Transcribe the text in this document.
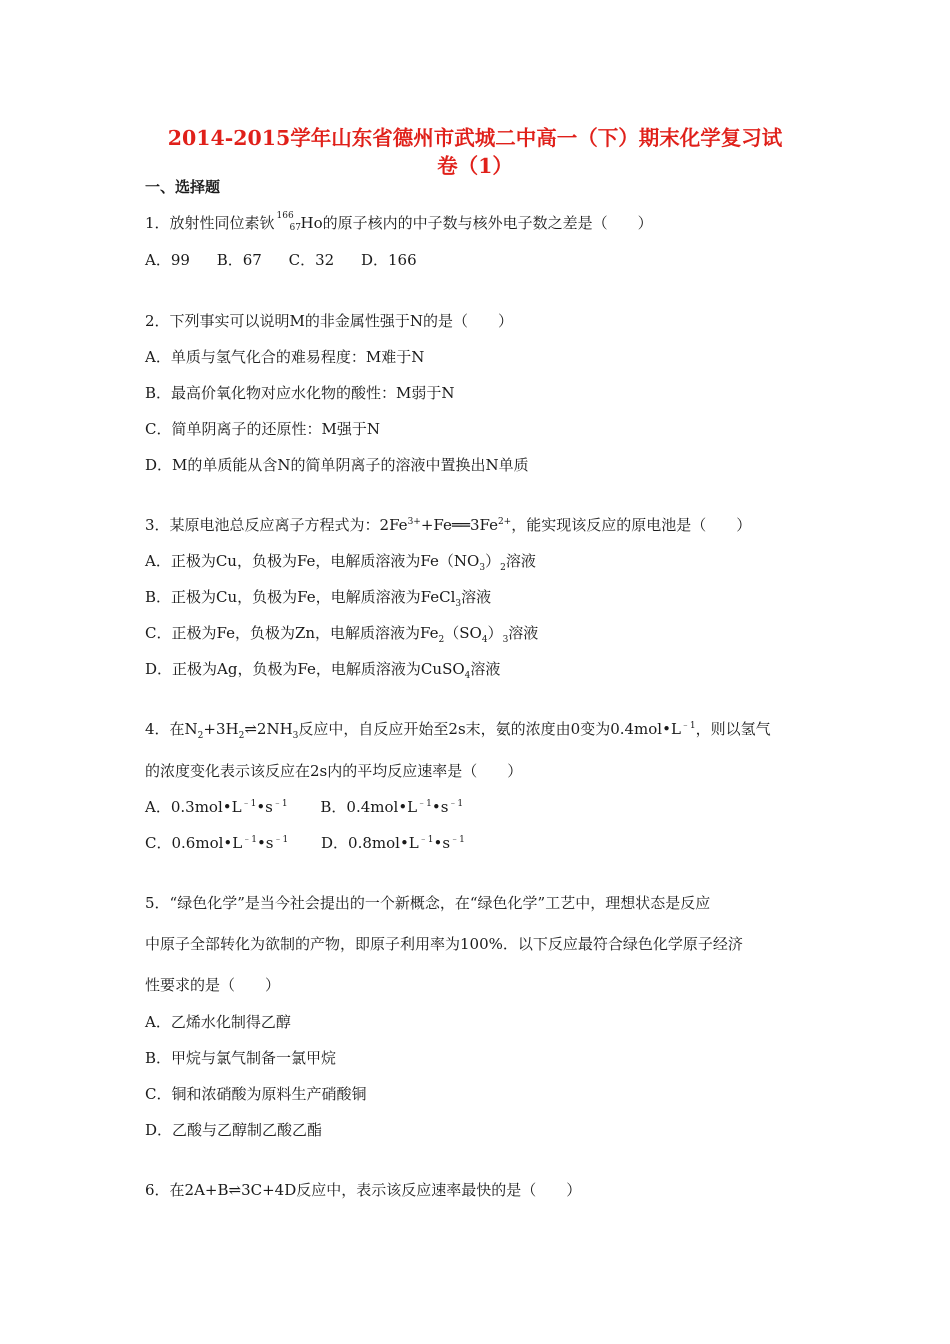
2014-2015学年山东省德州市武城二中高一（下）期末化学复习试
卷（1）
一、选择题
1．放射性同位素钬 166
67 Ho的原子核内的中子数与核外电子数之差是（　　）
A．99 B．67 C．32 D．166
2．下列事实可以说明M的非金属性强于N的是（　　）
A．单质与氢气化合的难易程度：M难于N
B．最高价氧化物对应水化物的酸性：M弱于N
C．简单阴离子的还原性：M强于N
D．M的单质能从含N的简单阴离子的溶液中置换出N单质
3．某原电池总反应离子方程式为：$2Fe^{3+}+Fe══3Fe^{2+}$，能实现该反应的原电池是（　　）
A．正极为Cu，负极为Fe，电解质溶液为$Fe(NO_3)_2$溶液
B．正极为Cu，负极为Fe，电解质溶液为FeCl$_3$溶液
C．正极为Fe，负极为Zn，电解质溶液为$Fe_2(SO_4)_3$溶液
D．正极为Ag，负极为Fe，电解质溶液为CuSO$_4$溶液
4．在$N_2+3H_2\rightleftharpoons 2NH_3$反应中，自反应开始至2s末，氨的浓度由0变为$0.4mol•L^{﹣1}$，则以氢气
的浓度变化表示该反应在2s内的平均反应速率是（　　）
A．$0.3mol•L^{﹣1}•s^{﹣1}$ B．$0.4mol•L^{﹣1}•s^{﹣1}$
C．$0.6mol•L^{﹣1}•s^{﹣1}$ D．$0.8mol•L^{﹣1}•s^{﹣1}$
5．“绿色化学”是当今社会提出的一个新概念，在“绿色化学”工艺中，理想状态是反应
中原子全部转化为欲制的产物，即原子利用率为100%．以下反应最符合绿色化学原子经济
性要求的是（　　）
A．乙烯水化制得乙醇
B．甲烷与氯气制备一氯甲烷
C．铜和浓硝酸为原料生产硝酸铜
D．乙酸与乙醇制乙酸乙酯
6．在2A+B⇌3C+4D反应中，表示该反应速率最快的是（　　）
